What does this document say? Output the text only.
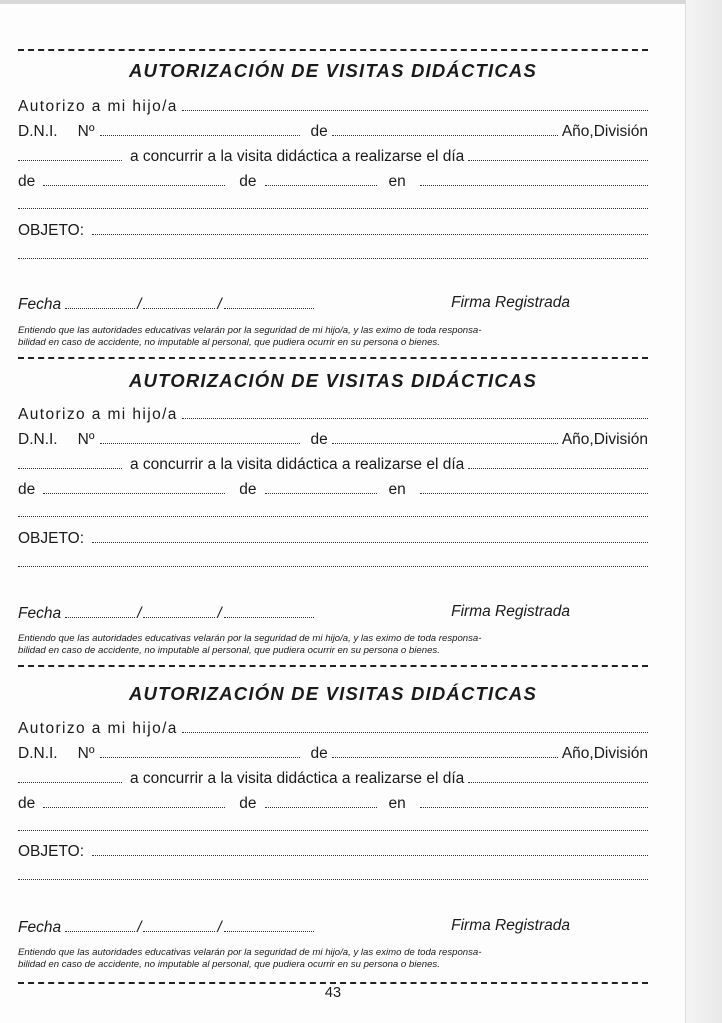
AUTORIZACIÓN DE VISITAS DIDÁCTICAS
Autorizo a mi hijo/a
D.N.I. Nº	de	Año,División
a concurrir a la visita didáctica a realizarse el día
de	de	en
OBJETO:
Fecha	/	/	Firma Registrada
Entiendo que las autoridades educativas velarán por la seguridad de mi hijo/a, y las eximo de toda responsa-
bilidad en caso de accidente, no imputable al personal, que pudiera ocurrir en su persona o bienes.
AUTORIZACIÓN DE VISITAS DIDÁCTICAS
Autorizo a mi hijo/a
D.N.I. Nº	de	Año,División
a concurrir a la visita didáctica a realizarse el día
de	de	en
OBJETO:
Fecha	/	/	Firma Registrada
Entiendo que las autoridades educativas velarán por la seguridad de mi hijo/a, y las eximo de toda responsa-
bilidad en caso de accidente, no imputable al personal, que pudiera ocurrir en su persona o bienes.
AUTORIZACIÓN DE VISITAS DIDÁCTICAS
Autorizo a mi hijo/a
D.N.I. Nº	de	Año,División
a concurrir a la visita didáctica a realizarse el día
de	de	en
OBJETO:
Fecha	/	/	Firma Registrada
Entiendo que las autoridades educativas velarán por la seguridad de mi hijo/a, y las eximo de toda responsa-
bilidad en caso de accidente, no imputable al personal, que pudiera ocurrir en su persona o bienes.
43
